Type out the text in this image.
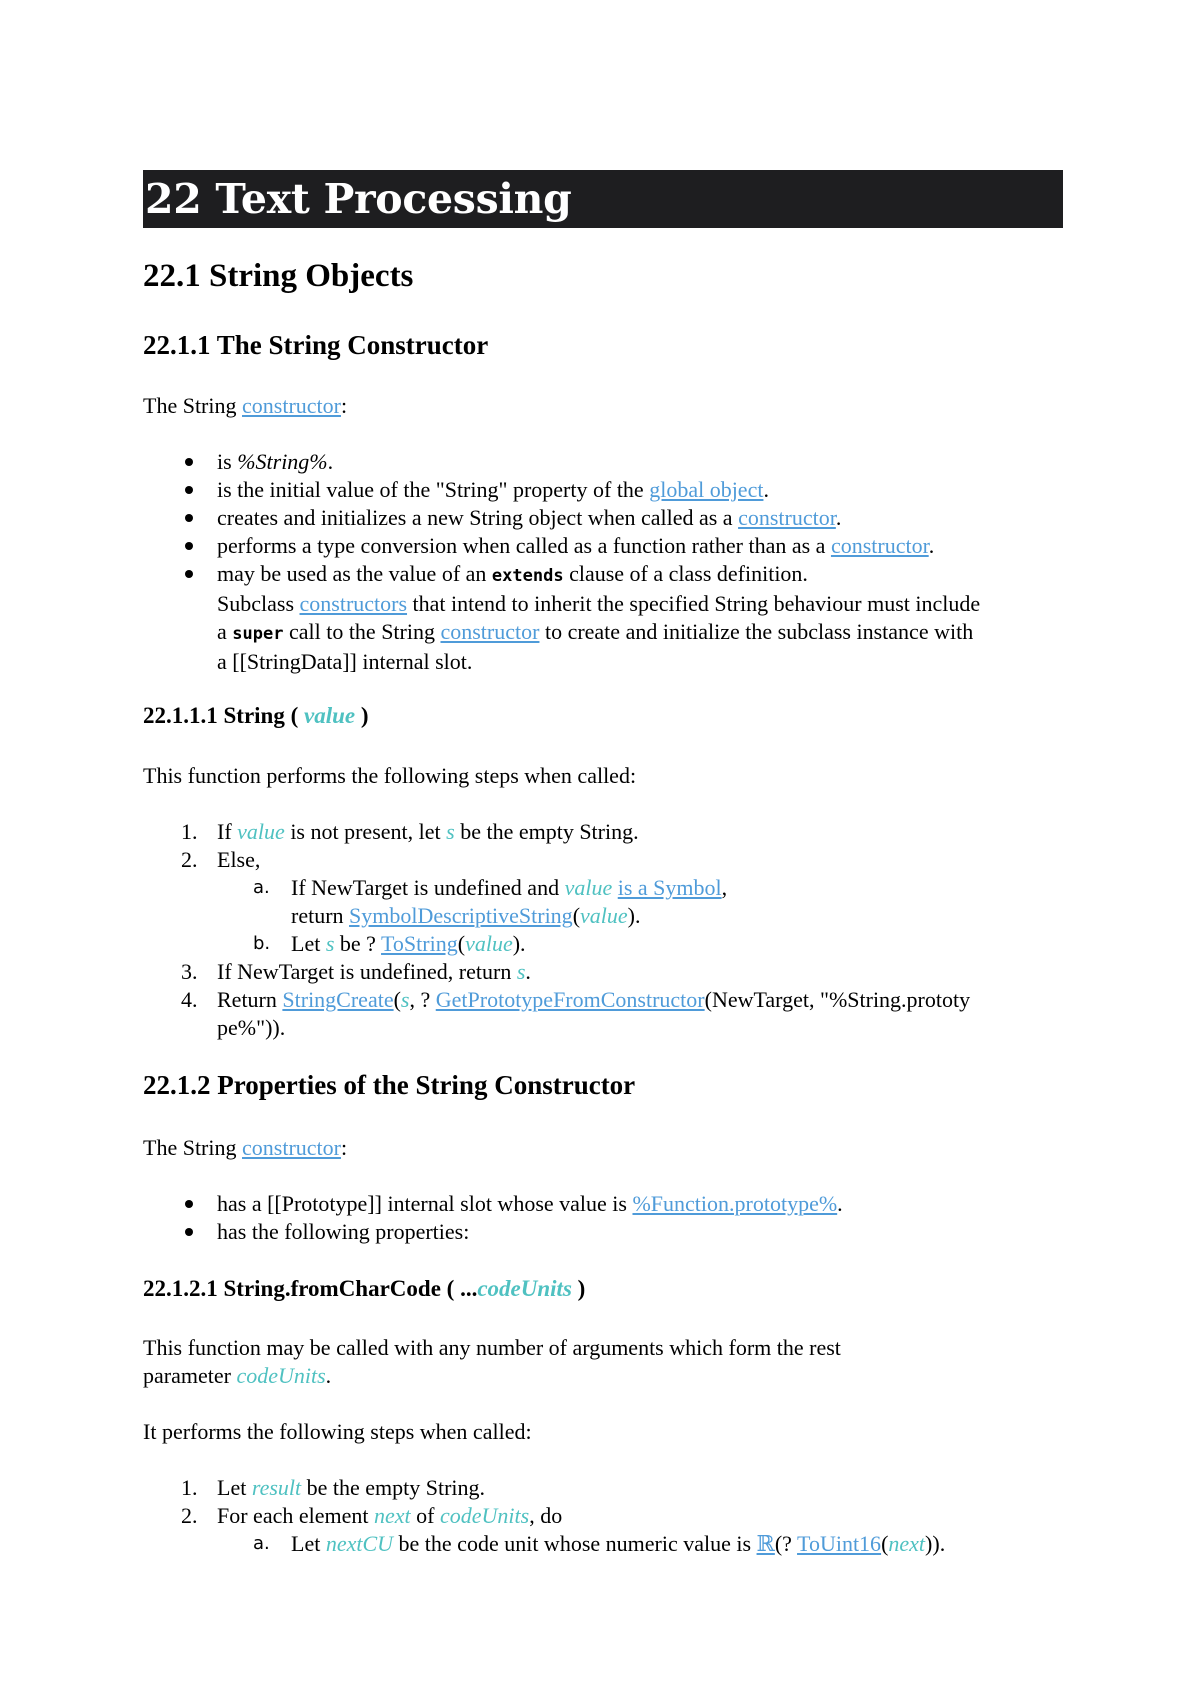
22 Text Processing
22.1 String Objects
22.1.1 The String Constructor
The String constructor:
is %String%.
is the initial value of the "String" property of the global object.
creates and initializes a new String object when called as a constructor.
performs a type conversion when called as a function rather than as a constructor.
may be used as the value of an extends clause of a class definition.
Subclass constructors that intend to inherit the specified String behaviour must include
a super call to the String constructor to create and initialize the subclass instance with
a [[StringData]] internal slot.
22.1.1.1 String ( value )
This function performs the following steps when called:
1. If value is not present, let s be the empty String.
2. Else,
a. If NewTarget is undefined and value is a Symbol,
return SymbolDescriptiveString(value).
b. Let s be ? ToString(value).
3. If NewTarget is undefined, return s.
4. Return StringCreate(s, ? GetPrototypeFromConstructor(NewTarget, "%String.prototy
pe%")).
22.1.2 Properties of the String Constructor
The String constructor:
has a [[Prototype]] internal slot whose value is %Function.prototype%.
has the following properties:
22.1.2.1 String.fromCharCode ( ...codeUnits )
This function may be called with any number of arguments which form the rest
parameter codeUnits.
It performs the following steps when called:
1. Let result be the empty String.
2. For each element next of codeUnits, do
a. Let nextCU be the code unit whose numeric value is ℝ(? ToUint16(next)).
